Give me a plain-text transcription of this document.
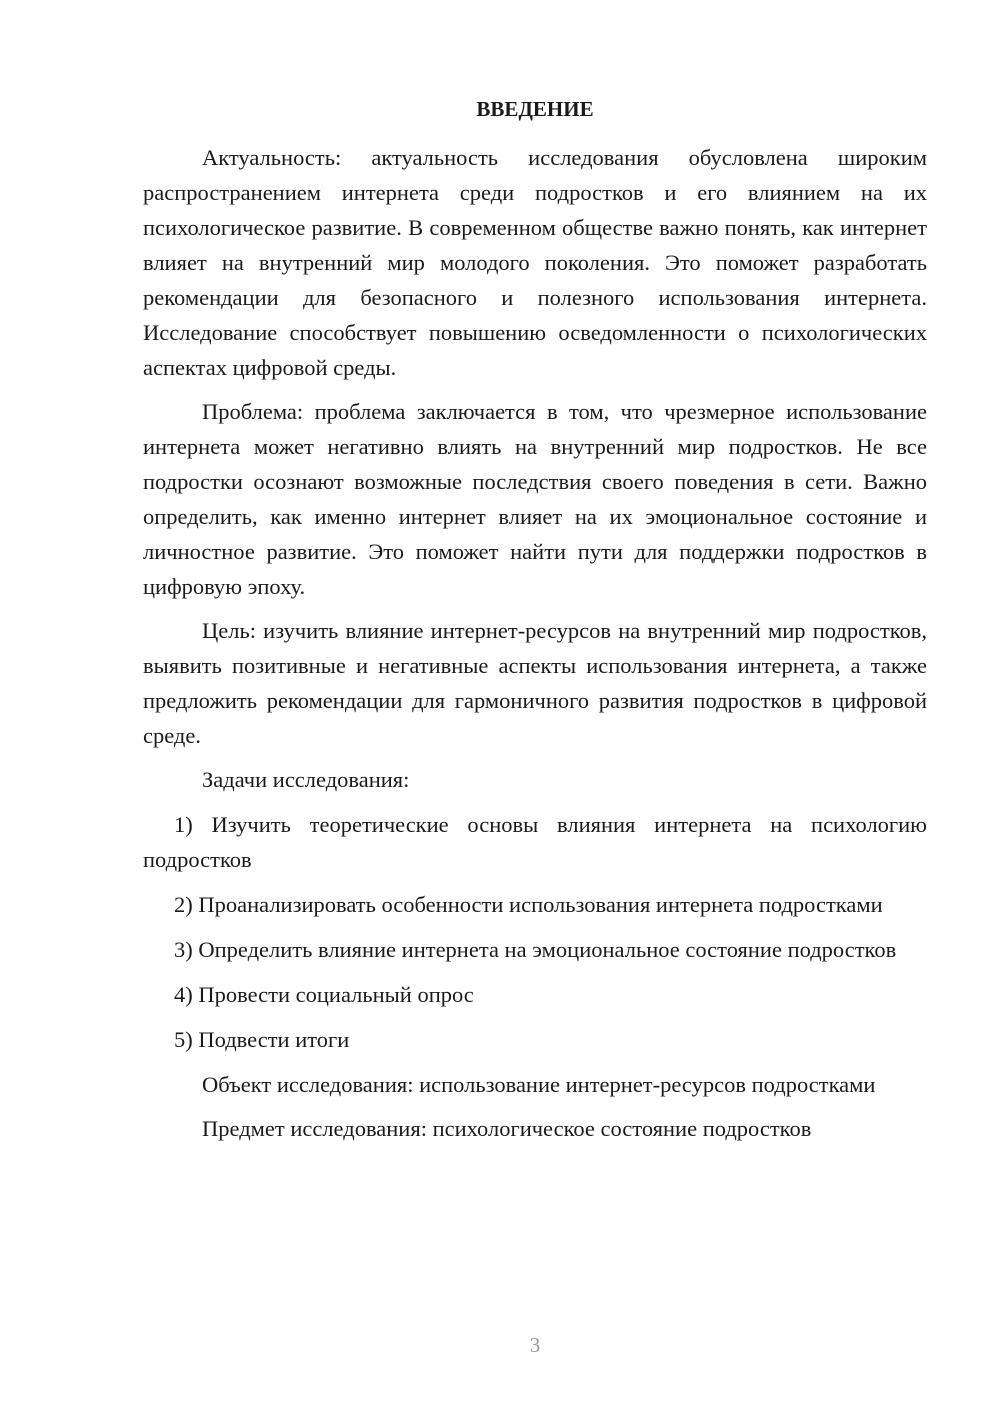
ВВЕДЕНИЕ

Актуальность: актуальность исследования обусловлена широким распространением интернета среди подростков и его влиянием на их психологическое развитие. В современном обществе важно понять, как интернет влияет на внутренний мир молодого поколения. Это поможет разработать рекомендации для безопасного и полезного использования интернета. Исследование способствует повышению осведомленности о психологических аспектах цифровой среды.

Проблема: проблема заключается в том, что чрезмерное использование интернета может негативно влиять на внутренний мир подростков. Не все подростки осознают возможные последствия своего поведения в сети. Важно определить, как именно интернет влияет на их эмоциональное состояние и личностное развитие. Это поможет найти пути для поддержки подростков в цифровую эпоху.

Цель: изучить влияние интернет-ресурсов на внутренний мир подростков, выявить позитивные и негативные аспекты использования интернета, а также предложить рекомендации для гармоничного развития подростков в цифровой среде.

Задачи исследования:

1) Изучить теоретические основы влияния интернета на психологию подростков

2) Проанализировать особенности использования интернета подростками

3) Определить влияние интернета на эмоциональное состояние подростков

4) Провести социальный опрос

5) Подвести итоги

Объект исследования: использование интернет-ресурсов подростками

Предмет исследования: психологическое состояние подростков

3
